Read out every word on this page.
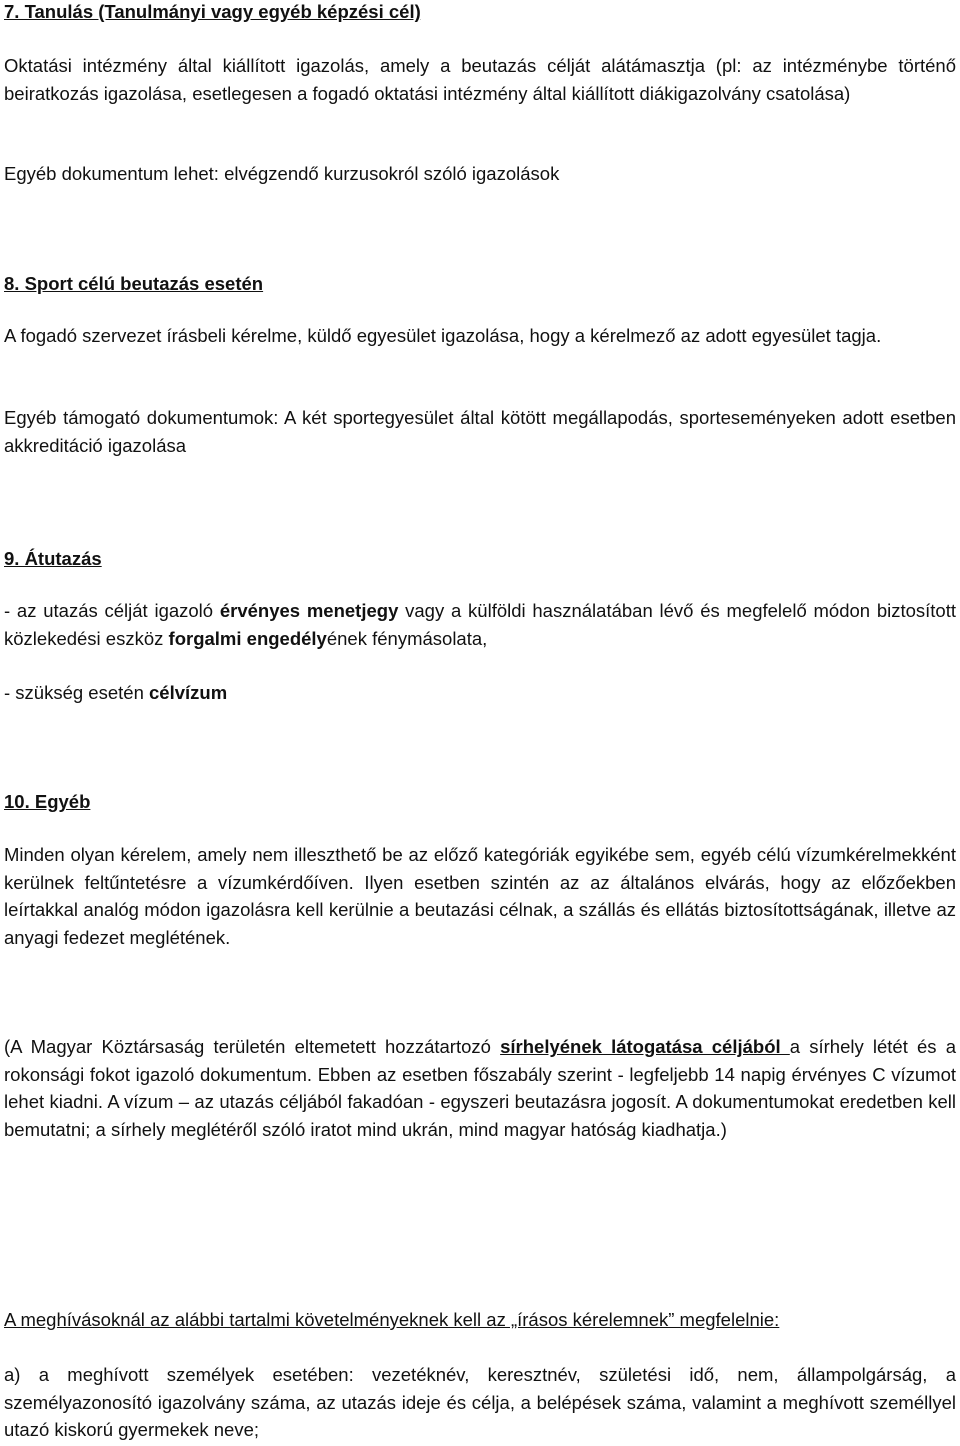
7. Tanulás (Tanulmányi vagy egyéb képzési cél)

Oktatási intézmény által kiállított igazolás, amely a beutazás célját alátámasztja (pl: az intézménybe történő beiratkozás igazolása, esetlegesen a fogadó oktatási intézmény által kiállított diákigazolvány csatolása)

Egyéb dokumentum lehet: elvégzendő kurzusokról szóló igazolások

8. Sport célú beutazás esetén

A fogadó szervezet írásbeli kérelme, küldő egyesület igazolása, hogy a kérelmező az adott egyesület tagja.

Egyéb támogató dokumentumok: A két sportegyesület által kötött megállapodás, sporteseményeken adott esetben akkreditáció igazolása

9. Átutazás

- az utazás célját igazoló érvényes menetjegy vagy a külföldi használatában lévő és megfelelő módon biztosított közlekedési eszköz forgalmi engedélyének fénymásolata,

- szükség esetén célvízum

10. Egyéb

Minden olyan kérelem, amely nem illeszthető be az előző kategóriák egyikébe sem, egyéb célú vízumkérelmekként kerülnek feltűntetésre a vízumkérdőíven. Ilyen esetben szintén az az általános elvárás, hogy az előzőekben leírtakkal analóg módon igazolásra kell kerülnie a beutazási célnak, a szállás és ellátás biztosítottságának, illetve az anyagi fedezet meglétének.

(A Magyar Köztársaság területén eltemetett hozzátartozó sírhelyének látogatása céljából a sírhely létét és a rokonsági fokot igazoló dokumentum. Ebben az esetben főszabály szerint - legfeljebb 14 napig érvényes C vízumot lehet kiadni. A vízum – az utazás céljából fakadóan - egyszeri beutazásra jogosít. A dokumentumokat eredetben kell bemutatni; a sírhely meglétéről szóló iratot mind ukrán, mind magyar hatóság kiadhatja.)

A meghívásoknál az alábbi tartalmi követelményeknek kell az „írásos kérelemnek” megfelelnie:

a) a meghívott személyek esetében: vezetéknév, keresztnév, születési idő, nem, állampolgárság, a személyazonosító igazolvány száma, az utazás ideje és célja, a belépések száma, valamint a meghívott személlyel utazó kiskorú gyermekek neve;
